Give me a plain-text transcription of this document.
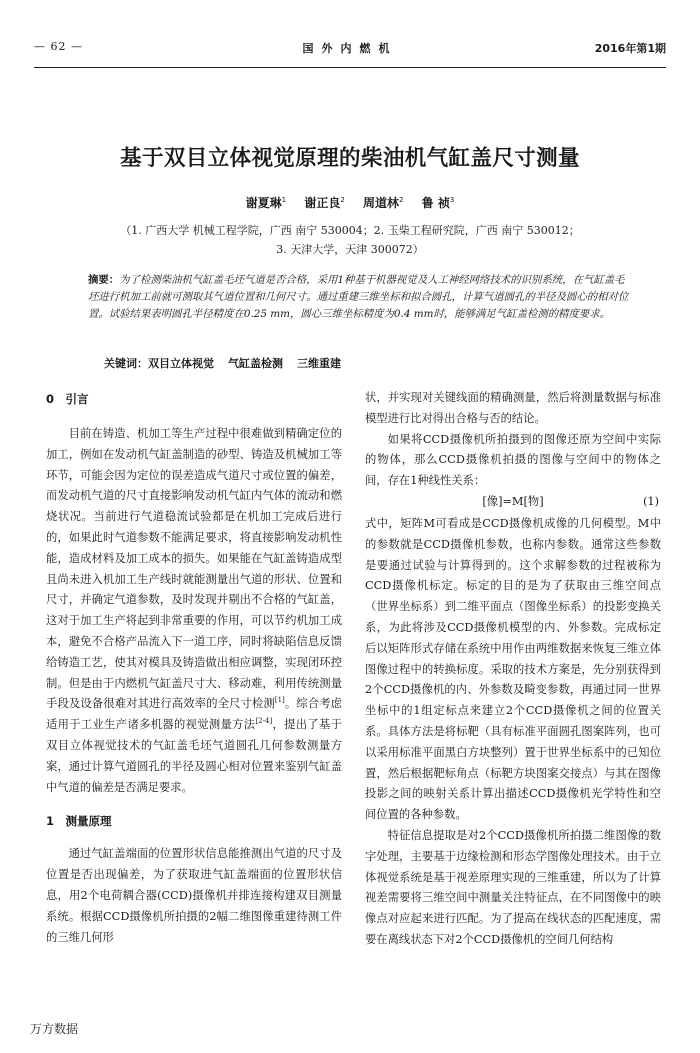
— 62 —	国外内燃机	2016年第1期
基于双目立体视觉原理的柴油机气缸盖尺寸测量
谢夏琳$^1$ 谢正良$^2$ 周道林$^2$ 鲁 祯$^3$
（1. 广西大学 机械工程学院，广西 南宁 530004；2. 玉柴工程研究院，广西 南宁 530012；
3. 天津大学，天津 300072）
摘要：为了检测柴油机气缸盖毛坯气道是否合格，采用1种基于机器视觉及人工神经网络技术的识别系统，在气缸盖毛坯进行机加工前就可测取其气道位置和几何尺寸。通过重建三维坐标和拟合圆孔，计算气道圆孔的半径及圆心的相对位置。试验结果表明圆孔半径精度在0.25 mm，圆心三维坐标精度为0.4 mm时，能够满足气缸盖检测的精度要求。
关键词：双目立体视觉 气缸盖检测 三维重建
0　引言

目前在铸造、机加工等生产过程中很难做到精确定位的加工，例如在发动机气缸盖制造的砂型、铸造及机械加工等环节，可能会因为定位的误差造成气道尺寸或位置的偏差，而发动机气道的尺寸直接影响发动机气缸内气体的流动和燃烧状况。当前进行气道稳流试验都是在机加工完成后进行的，如果此时气道参数不能满足要求，将直接影响发动机性能，造成材料及加工成本的损失。如果能在气缸盖铸造成型且尚未进入机加工生产线时就能测量出气道的形状、位置和尺寸，并确定气道参数，及时发现并剔出不合格的气缸盖，这对于加工生产将起到非常重要的作用，可以节约机加工成本，避免不合格产品流入下一道工序，同时将缺陷信息反馈给铸造工艺，使其对模具及铸造做出相应调整，实现闭环控制。但是由于内燃机气缸盖尺寸大、移动难，利用传统测量手段及设备很难对其进行高效率的全尺寸检测[1]。综合考虑适用于工业生产诸多机器的视觉测量方法[2-4]，提出了基于双目立体视觉技术的气缸盖毛坯气道圆孔几何参数测量方案，通过计算气道圆孔的半径及圆心相对位置来鉴别气缸盖中气道的偏差是否满足要求。

1　测量原理

通过气缸盖端面的位置形状信息能推测出气道的尺寸及位置是否出现偏差，为了获取进气缸盖端面的位置形状信息，用2个电荷耦合器(CCD)摄像机并排连接构建双目测量系统。根据CCD摄像机所拍摄的2幅二维图像重建待测工件的三维几何形

状，并实现对关键线面的精确测量，然后将测量数据与标准模型进行比对得出合格与否的结论。

如果将CCD摄像机所拍摄到的图像还原为空间中实际的物体，那么CCD摄像机拍摄的图像与空间中的物体之间，存在1种线性关系：

[像]=M[物]	(1)

式中，矩阵M可看成是CCD摄像机成像的几何模型。M中的参数就是CCD摄像机参数，也称内参数。通常这些参数是要通过试验与计算得到的。这个求解参数的过程被称为CCD摄像机标定。标定的目的是为了获取由三维空间点（世界坐标系）到二维平面点（图像坐标系）的投影变换关系，为此将涉及CCD摄像机模型的内、外参数。完成标定后以矩阵形式存储在系统中用作由两维数据来恢复三维立体图像过程中的转换标度。采取的技术方案是，先分别获得到2个CCD摄像机的内、外参数及畸变参数，再通过同一世界坐标中的1组定标点来建立2个CCD摄像机之间的位置关系。具体方法是将标靶（具有标准平面圆孔图案阵列，也可以采用标准平面黑白方块整列）置于世界坐标系中的已知位置，然后根据靶标角点（标靶方块图案交接点）与其在图像投影之间的映射关系计算出描述CCD摄像机光学特性和空间位置的各种参数。

特征信息提取是对2个CCD摄像机所拍摄二维图像的数字处理，主要基于边缘检测和形态学图像处理技术。由于立体视觉系统是基于视差原理实现的三维重建，所以为了计算视差需要将三维空间中测量关注特征点，在不同图像中的映像点对应起来进行匹配。为了提高在线状态的匹配速度，需要在离线状态下对2个CCD摄像机的空间几何结构

万方数据
